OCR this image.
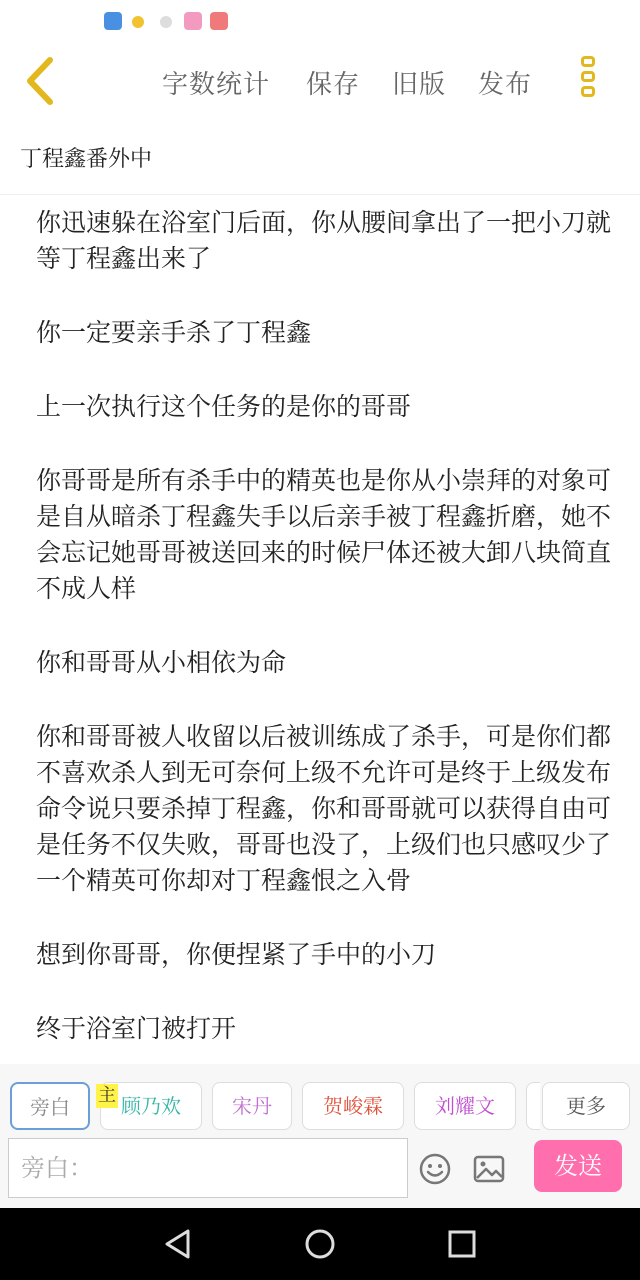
字数统计 保存 旧版 发布
丁程鑫番外中

你迅速躲在浴室门后面，你从腰间拿出了一把小刀就等丁程鑫出来了

你一定要亲手杀了丁程鑫

上一次执行这个任务的是你的哥哥

你哥哥是所有杀手中的精英也是你从小崇拜的对象可是自从暗杀丁程鑫失手以后亲手被丁程鑫折磨，她不会忘记她哥哥被送回来的时候尸体还被大卸八块简直不成人样

你和哥哥从小相依为命

你和哥哥被人收留以后被训练成了杀手，可是你们都不喜欢杀人到无可奈何上级不允许可是终于上级发布命令说只要杀掉丁程鑫，你和哥哥就可以获得自由可是任务不仅失败，哥哥也没了，上级们也只感叹少了一个精英可你却对丁程鑫恨之入骨

想到你哥哥，你便捏紧了手中的小刀

终于浴室门被打开

旁白	顾乃欢
主	宋丹	贺峻霖	刘耀文	更多
旁白：
发送
